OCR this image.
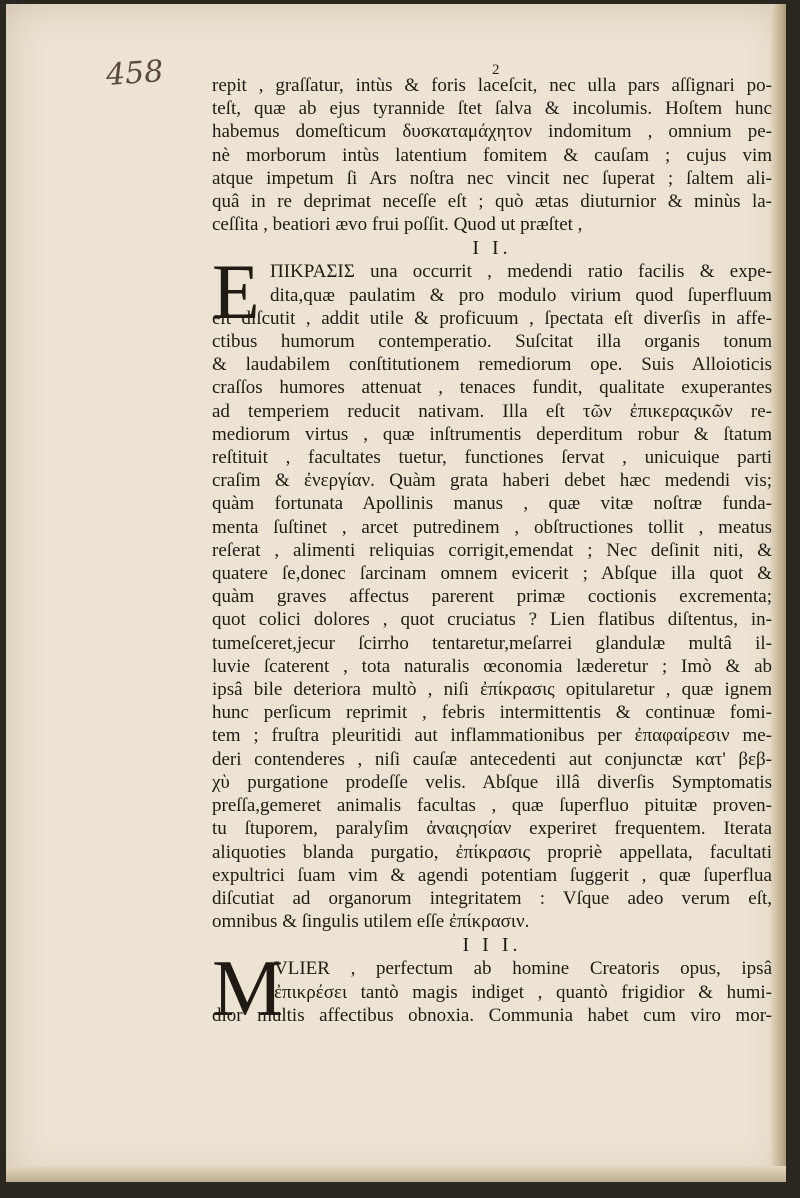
458	2
repit , graſſatur, intùs & foris laceſcit, nec ulla pars aſſignari po-
teſt, quæ ab ejus tyrannide ſtet ſalva & incolumis. Hoſtem hunc
habemus domeſticum δυσκαταμάχητον indomitum , omnium pe-
nè morborum intùs latentium fomitem & cauſam ; cujus vim
atque impetum ſi Ars noſtra nec vincit nec ſuperat ; ſaltem ali-
quâ in re deprimat neceſſe eſt ; quò ætas diuturnior & minùs la-
ceſſita , beatiori ævo frui poſſit. Quod ut præſtet ,
I I.
E ΠΙΚΡΑΣΙΣ una occurrit , medendi ratio facilis & expe-
dita,quæ paulatim & pro modulo virium quod ſuperfluum
eſt diſcutit , addit utile & proficuum , ſpectata eſt diverſis in affe-
ctibus humorum contemperatio. Suſcitat illa organis tonum
& laudabilem conſtitutionem remediorum ope. Suis Alloioticis
craſſos humores attenuat , tenaces fundit, qualitate exuperantes
ad temperiem reducit nativam. Illa eſt τῶν ἐπικεραςικῶν re-
mediorum virtus , quæ inſtrumentis deperditum robur & ſtatum
reſtituit , facultates tuetur, functiones ſervat , unicuique parti
craſim & ἐνεργίαν. Quàm grata haberi debet hæc medendi vis;
quàm fortunata Apollinis manus , quæ vitæ noſtræ funda-
menta ſuſtinet , arcet putredinem , obſtructiones tollit , meatus
reſerat , alimenti reliquias corrigit,emendat ; Nec deſinit niti, &
quatere ſe,donec ſarcinam omnem evicerit ; Abſque illa quot &
quàm graves affectus parerent primæ coctionis excrementa;
quot colici dolores , quot cruciatus ? Lien flatibus diſtentus, in-
tumeſceret,jecur ſcirrho tentaretur,meſarrei glandulæ multâ il-
luvie ſcaterent , tota naturalis œconomia læderetur ; Imò & ab
ipsâ bile deteriora multò , niſi ἐπίκρασις opitularetur , quæ ignem
hunc perſicum reprimit , febris intermittentis & continuæ fomi-
tem ; fruſtra pleuritidi aut inflammationibus per ἐπαφαίρεσιν me-
deri contenderes , niſi cauſæ antecedenti aut conjunctæ κατ' βεβ-
χὺ purgatione prodeſſe velis. Abſque illâ diverſis Symptomatis
preſſa,gemeret animalis facultas , quæ ſuperfluo pituitæ proven-
tu ſtuporem, paralyſim ἀναιςησίαν experiret frequentem. Iterata
aliquoties blanda purgatio, ἐπίκρασις propriè appellata, facultati
expultrici ſuam vim & agendi potentiam ſuggerit , quæ ſuperflua
diſcutiat ad organorum integritatem : Vſque adeo verum eſt,
omnibus & ſingulis utilem eſſe ἐπίκρασιν.
I I I.
M
VLIER , perfectum ab homine Creatoris opus, ipsâ
ἐπικρέσει tantò magis indiget , quantò frigidior & humi-
dior multis affectibus obnoxia. Communia habet cum viro mor-
